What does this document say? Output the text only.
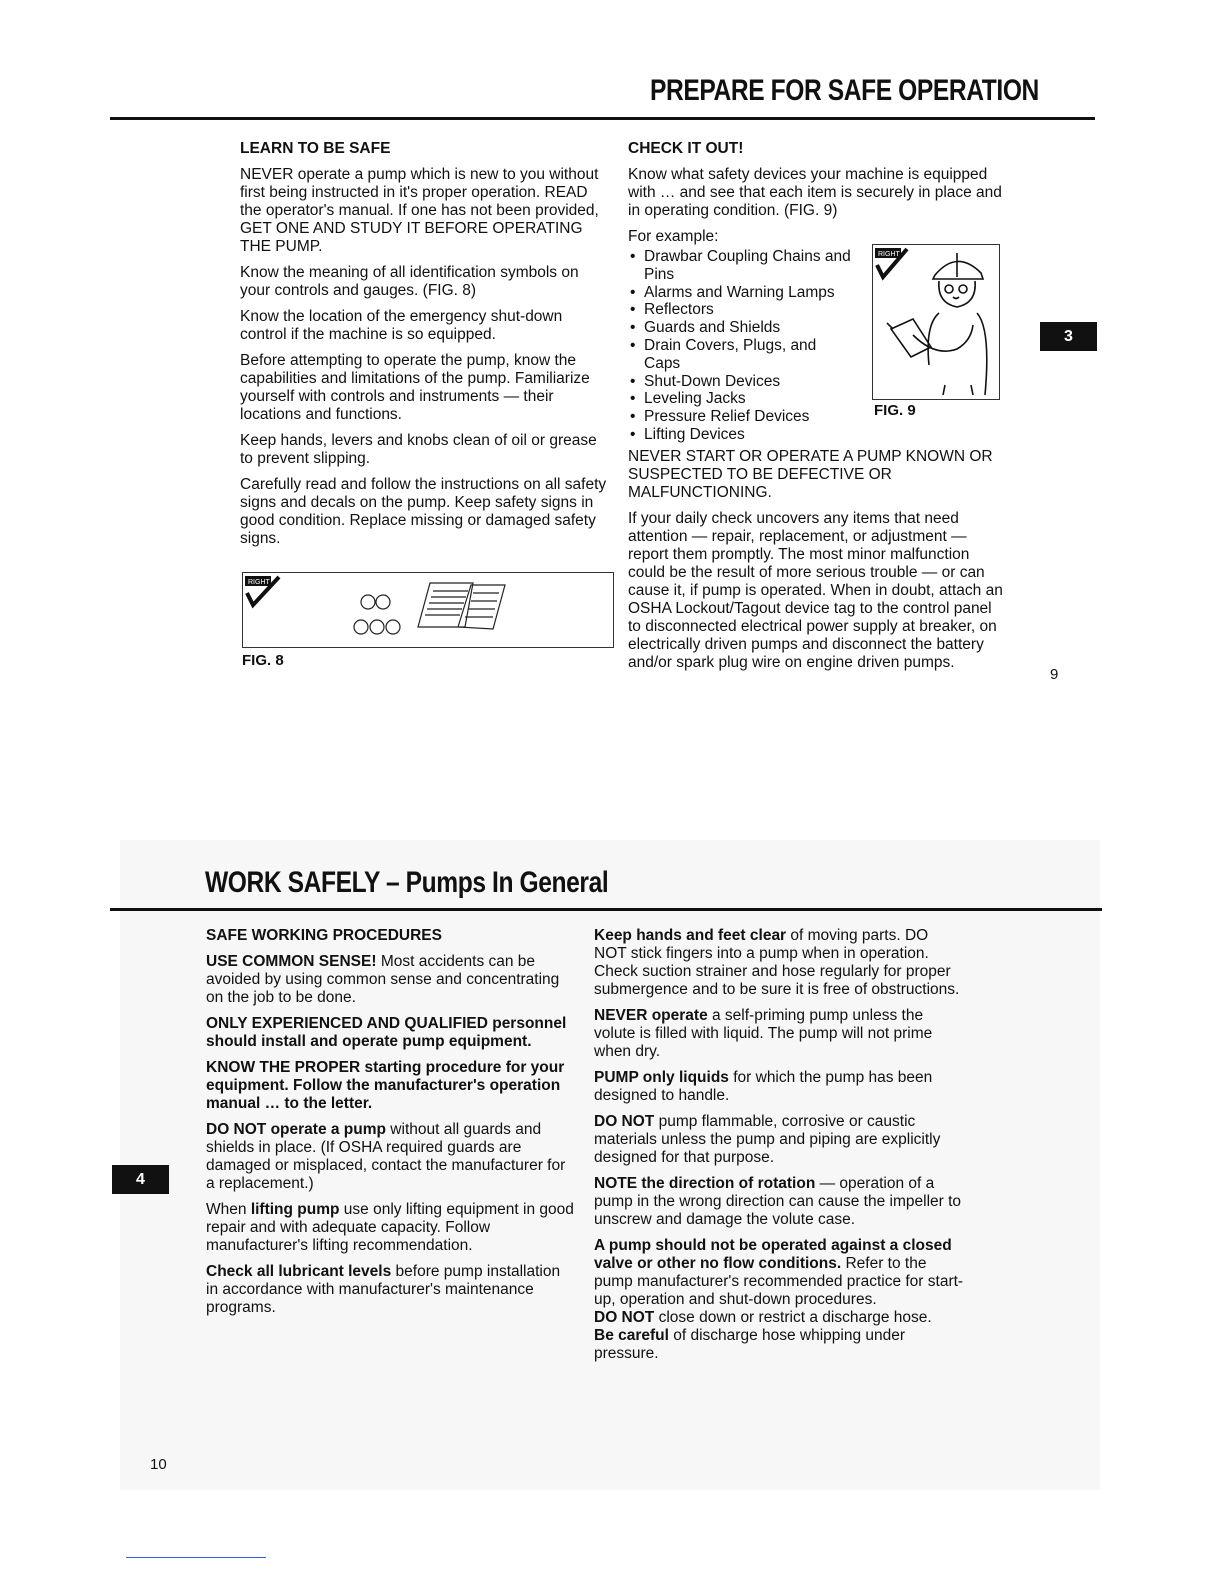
PREPARE FOR SAFE OPERATION
LEARN TO BE SAFE

NEVER operate a pump which is new to you without first being instructed in it's proper operation. READ the operator's manual. If one has not been provided, GET ONE AND STUDY IT BEFORE OPERATING THE PUMP.

Know the meaning of all identification symbols on your controls and gauges. (FIG. 8)

Know the location of the emergency shut-down control if the machine is so equipped.

Before attempting to operate the pump, know the capabilities and limitations of the pump. Familiarize yourself with controls and instruments — their locations and functions.

Keep hands, levers and knobs clean of oil or grease to prevent slipping.

Carefully read and follow the instructions on all safety signs and decals on the pump. Keep safety signs in good condition. Replace missing or damaged safety signs.

RIGHT
FIG. 8
CHECK IT OUT!

Know what safety devices your machine is equipped with … and see that each item is securely in place and in operating condition. (FIG. 9)

For example:

• Drawbar Coupling Chains and Pins
• Alarms and Warning Lamps
• Reflectors
• Guards and Shields
• Drain Covers, Plugs, and Caps
• Shut-Down Devices
• Leveling Jacks
• Pressure Relief Devices
• Lifting Devices

NEVER START OR OPERATE A PUMP KNOWN OR SUSPECTED TO BE DEFECTIVE OR MALFUNCTIONING.

If your daily check uncovers any items that need attention — repair, replacement, or adjustment — report them promptly. The most minor malfunction could be the result of more serious trouble — or can cause it, if pump is operated. When in doubt, attach an OSHA Lockout/Tagout device tag to the control panel to disconnected electrical power supply at breaker, on electrically driven pumps and disconnect the battery and/or spark plug wire on engine driven pumps.

RIGHT
FIG. 9
3
9
WORK SAFELY – Pumps In General
SAFE WORKING PROCEDURES

USE COMMON SENSE! Most accidents can be avoided by using common sense and concentrating on the job to be done.

ONLY EXPERIENCED AND QUALIFIED personnel should install and operate pump equipment.

KNOW THE PROPER starting procedure for your equipment. Follow the manufacturer's operation manual … to the letter.

DO NOT operate a pump without all guards and shields in place. (If OSHA required guards are damaged or misplaced, contact the manufacturer for a replacement.)

When lifting pump use only lifting equipment in good repair and with adequate capacity. Follow manufacturer's lifting recommendation.

Check all lubricant levels before pump installation in accordance with manufacturer's maintenance programs.

Keep hands and feet clear of moving parts. DO NOT stick fingers into a pump when in operation. Check suction strainer and hose regularly for proper submergence and to be sure it is free of obstructions.

NEVER operate a self-priming pump unless the volute is filled with liquid. The pump will not prime when dry.

PUMP only liquids for which the pump has been designed to handle.

DO NOT pump flammable, corrosive or caustic materials unless the pump and piping are explicitly designed for that purpose.

NOTE the direction of rotation — operation of a pump in the wrong direction can cause the impeller to unscrew and damage the volute case.

A pump should not be operated against a closed valve or other no flow conditions. Refer to the pump manufacturer's recommended practice for start-up, operation and shut-down procedures.

DO NOT close down or restrict a discharge hose.

Be careful of discharge hose whipping under pressure.

4
10
